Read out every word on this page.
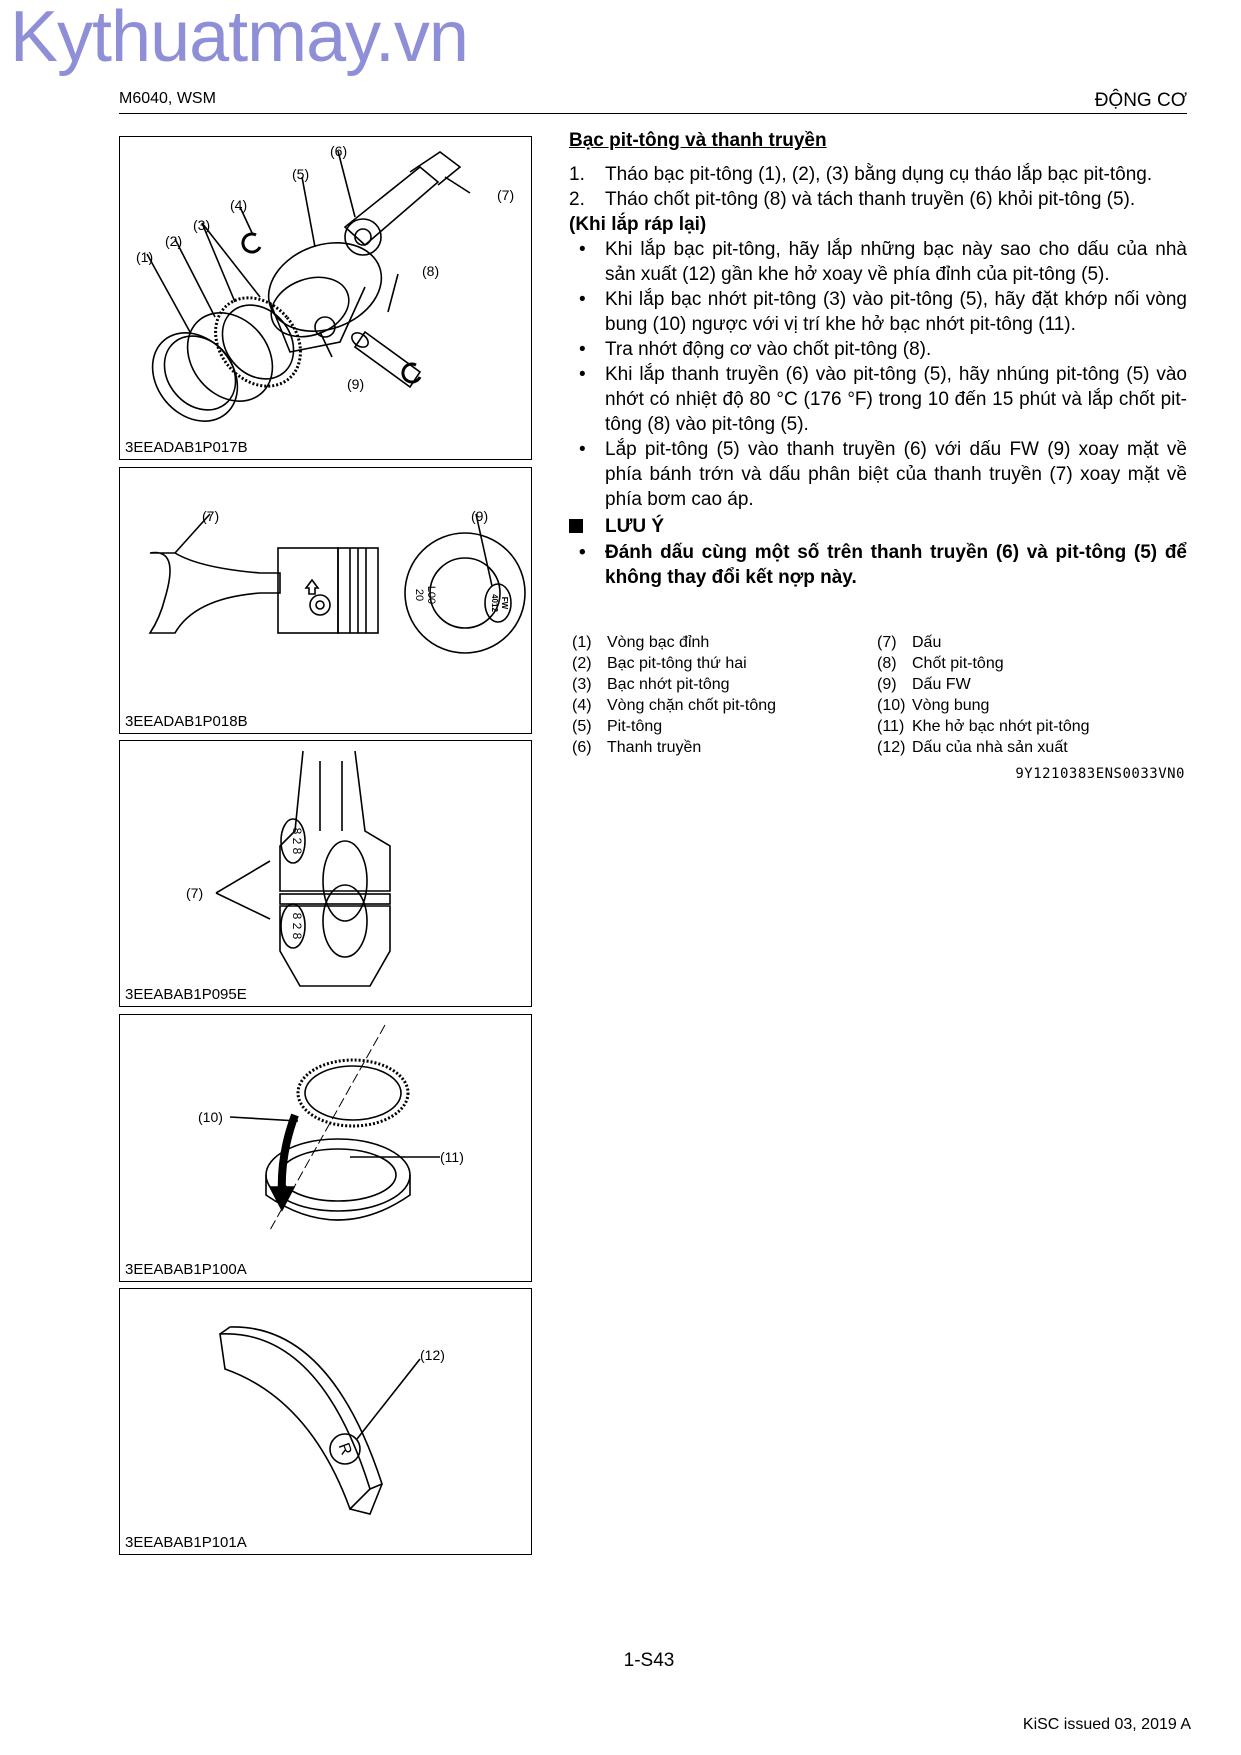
Kythuatmay.vn
M6040, WSM	ĐỘNG CƠ
(1)
(2)
(3)
(4)
(5)
(6)
(7)
(8)
(9)
3EEADAB1P017B
L00
20
FW
4012
(7)	(9)
3EEADAB1P018B
8 2 8
8 2 8
(7)
3EEABAB1P095E
(10)
(11)
3EEABAB1P100A
R
(12)
3EEABAB1P101A
Bạc pit-tông và thanh truyền
1.	Tháo bạc pit-tông (1), (2), (3) bằng dụng cụ tháo lắp bạc pit-tông.
2.	Tháo chốt pit-tông (8) và tách thanh truyền (6) khỏi pit-tông (5).
(Khi lắp ráp lại)
•	Khi lắp bạc pit-tông, hãy lắp những bạc này sao cho dấu của nhà sản xuất (12) gần khe hở xoay về phía đỉnh của pit-tông (5).
•	Khi lắp bạc nhớt pit-tông (3) vào pit-tông (5), hãy đặt khớp nối vòng bung (10) ngược với vị trí khe hở bạc nhớt pit-tông (11).
•	Tra nhớt động cơ vào chốt pit-tông (8).
•	Khi lắp thanh truyền (6) vào pit-tông (5), hãy nhúng pit-tông (5) vào nhớt có nhiệt độ 80 °C (176 °F) trong 10 đến 15 phút và lắp chốt pit-tông (8) vào pit-tông (5).
•	Lắp pit-tông (5) vào thanh truyền (6) với dấu FW (9) xoay mặt về phía bánh trớn và dấu phân biệt của thanh truyền (7) xoay mặt về phía bơm cao áp.
LƯU Ý
•	Đánh dấu cùng một số trên thanh truyền (6) và pit-tông (5) để không thay đổi kết nợp này.
(1) Vòng bạc đỉnh	(7) Dấu
(2) Bạc pit-tông thứ hai	(8) Chốt pit-tông
(3) Bạc nhớt pit-tông	(9) Dấu FW
(4) Vòng chặn chốt pit-tông	(10) Vòng bung
(5) Pit-tông	(11) Khe hở bạc nhớt pit-tông
(6) Thanh truyền	(12) Dấu của nhà sản xuất
9Y1210383ENS0033VN0
1-S43
KiSC issued 03, 2019 A
